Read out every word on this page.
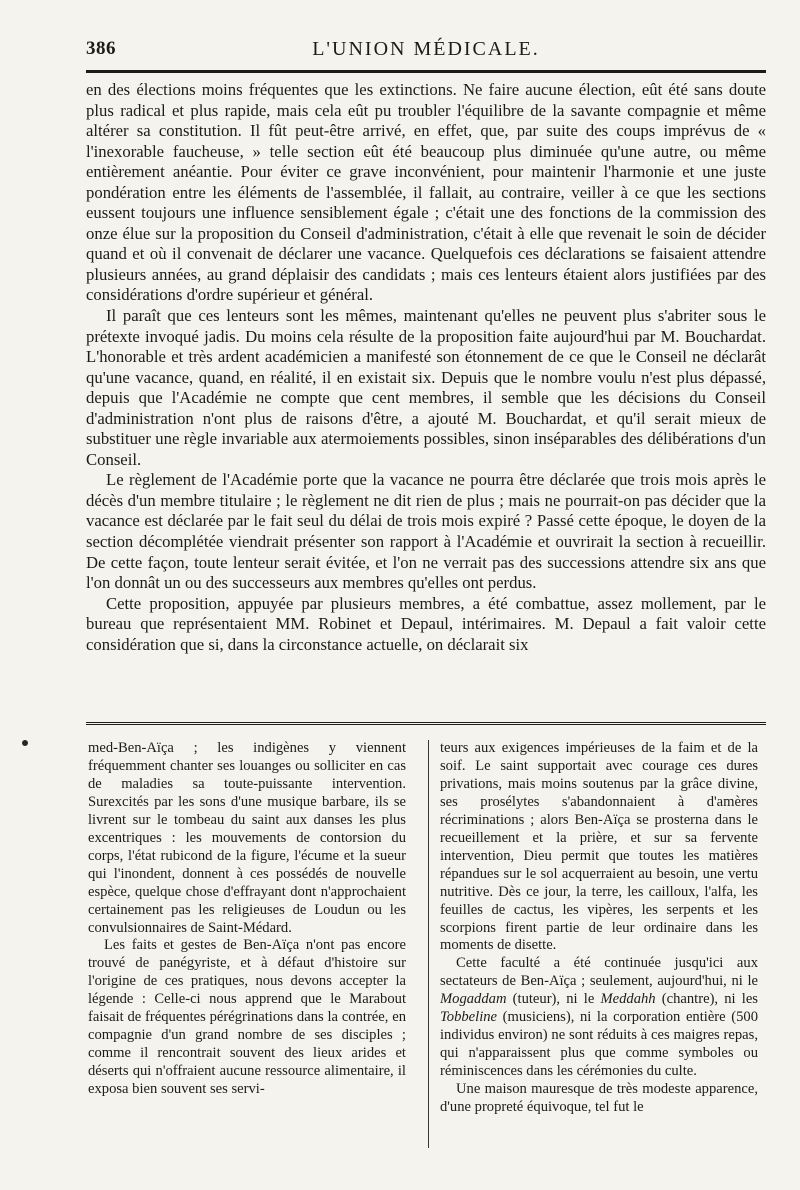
386	L'UNION MÉDICALE.

en des élections moins fréquentes que les extinctions. Ne faire aucune élection, eût été sans doute plus radical et plus rapide, mais cela eût pu troubler l'équilibre de la savante compagnie et même altérer sa constitution. Il fût peut-être arrivé, en effet, que, par suite des coups imprévus de « l'inexorable faucheuse, » telle section eût été beaucoup plus diminuée qu'une autre, ou même entièrement anéantie. Pour éviter ce grave inconvénient, pour maintenir l'harmonie et une juste pondération entre les éléments de l'assemblée, il fallait, au contraire, veiller à ce que les sections eussent toujours une influence sensiblement égale ; c'était une des fonctions de la commission des onze élue sur la proposition du Conseil d'administration, c'était à elle que revenait le soin de décider quand et où il convenait de déclarer une vacance. Quelquefois ces déclarations se faisaient attendre plusieurs années, au grand déplaisir des candidats ; mais ces lenteurs étaient alors justifiées par des considérations d'ordre supérieur et général.

Il paraît que ces lenteurs sont les mêmes, maintenant qu'elles ne peuvent plus s'abriter sous le prétexte invoqué jadis. Du moins cela résulte de la proposition faite aujourd'hui par M. Bouchardat. L'honorable et très ardent académicien a manifesté son étonnement de ce que le Conseil ne déclarât qu'une vacance, quand, en réalité, il en existait six. Depuis que le nombre voulu n'est plus dépassé, depuis que l'Académie ne compte que cent membres, il semble que les décisions du Conseil d'administration n'ont plus de raisons d'être, a ajouté M. Bouchardat, et qu'il serait mieux de substituer une règle invariable aux atermoiements possibles, sinon inséparables des délibérations d'un Conseil.

Le règlement de l'Académie porte que la vacance ne pourra être déclarée que trois mois après le décès d'un membre titulaire ; le règlement ne dit rien de plus ; mais ne pourrait-on pas décider que la vacance est déclarée par le fait seul du délai de trois mois expiré ? Passé cette époque, le doyen de la section décomplétée viendrait présenter son rapport à l'Académie et ouvrirait la section à recueillir. De cette façon, toute lenteur serait évitée, et l'on ne verrait pas des successions attendre six ans que l'on donnât un ou des successeurs aux membres qu'elles ont perdus.

Cette proposition, appuyée par plusieurs membres, a été combattue, assez mollement, par le bureau que représentaient MM. Robinet et Depaul, intérimaires. M. Depaul a fait valoir cette considération que si, dans la circonstance actuelle, on déclarait six

med-Ben-Aïça ; les indigènes y viennent fréquemment chanter ses louanges ou solliciter en cas de maladies sa toute-puissante intervention. Surexcités par les sons d'une musique barbare, ils se livrent sur le tombeau du saint aux danses les plus excentriques : les mouvements de contorsion du corps, l'état rubicond de la figure, l'écume et la sueur qui l'inondent, donnent à ces possédés de nouvelle espèce, quelque chose d'effrayant dont n'approchaient certainement pas les religieuses de Loudun ou les convulsionnaires de Saint-Médard.

Les faits et gestes de Ben-Aïça n'ont pas encore trouvé de panégyriste, et à défaut d'histoire sur l'origine de ces pratiques, nous devons accepter la légende : Celle-ci nous apprend que le Marabout faisait de fréquentes pérégrinations dans la contrée, en compagnie d'un grand nombre de ses disciples ; comme il rencontrait souvent des lieux arides et déserts qui n'offraient aucune ressource alimentaire, il exposa bien souvent ses servi-

teurs aux exigences impérieuses de la faim et de la soif. Le saint supportait avec courage ces dures privations, mais moins soutenus par la grâce divine, ses prosélytes s'abandonnaient à d'amères récriminations ; alors Ben-Aïça se prosterna dans le recueillement et la prière, et sur sa fervente intervention, Dieu permit que toutes les matières répandues sur le sol acquerraient au besoin, une vertu nutritive. Dès ce jour, la terre, les cailloux, l'alfa, les feuilles de cactus, les vipères, les serpents et les scorpions firent partie de leur ordinaire dans les moments de disette.

Cette faculté a été continuée jusqu'ici aux sectateurs de Ben-Aïça ; seulement, aujourd'hui, ni le Mogaddam (tuteur), ni le Meddahh (chantre), ni les Tobbeline (musiciens), ni la corporation entière (500 individus environ) ne sont réduits à ces maigres repas, qui n'apparaissent plus que comme symboles ou réminiscences dans les cérémonies du culte.

Une maison mauresque de très modeste apparence, d'une propreté équivoque, tel fut le
